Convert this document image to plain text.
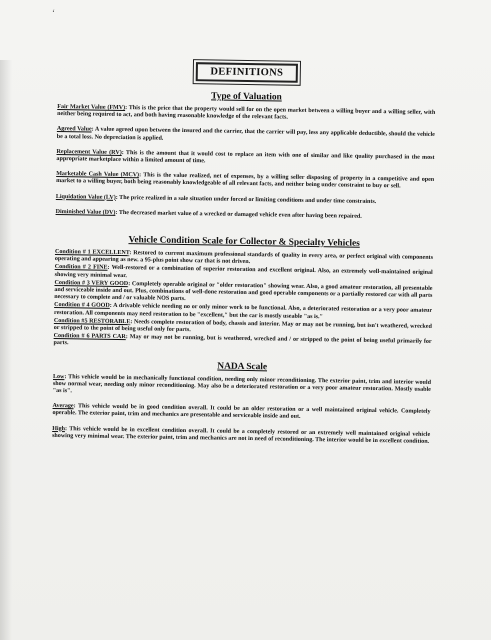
‘
DEFINITIONS
Type of Valuation

Fair Market Value (FMV): This is the price that the property would sell for on the open market between a willing buyer and a willing seller, with neither being required to act, and both having reasonable knowledge of the relevant facts.

Agreed Value: A value agreed upon between the insured and the carrier, that the carrier will pay, less any applicable deductible, should the vehicle be a total loss. No depreciation is applied.

Replacement Value (RV): This is the amount that it would cost to replace an item with one of similar and like quality purchased in the most appropriate marketplace within a limited amount of time.

Marketable Cash Value (MCV): This is the value realized, net of expenses, by a willing seller disposing of property in a competitive and open market to a willing buyer, both being reasonably knowledgeable of all relevant facts, and neither being under constraint to buy or sell.

Liquidation Value (LV): The price realized in a sale situation under forced or limiting conditions and under time constraints.

Diminished Value (DV): The decreased market value of a wrecked or damaged vehicle even after having been repaired.

Vehicle Condition Scale for Collector & Specialty Vehicles

Condition # 1 EXCELLENT: Restored to current maximum professional standards of quality in every area, or perfect original with components operating and appearing as new. a 95-plus point show car that is not driven.

Condition # 2 FINE: Well-restored or a combination of superior restoration and excellent original. Also, an extremely well-maintained original showing very minimal wear.

Condition # 3 VERY GOOD: Completely operable original or "older restoration" showing wear. Also, a good amateur restoration, all presentable and serviceable inside and out. Plus, combinations of well-done restoration and good operable components or a partially restored car with all parts necessary to complete and / or valuable NOS parts.

Condition # 4 GOOD: A drivable vehicle needing no or only minor work to be functional. Also, a deteriorated restoration or a very poor amateur restoration. All components may need restoration to be "excellent," but the car is mostly useable "as is."

Condition #5 RESTORABLE: Needs complete restoration of body, chassis and interior. May or may not be running, but isn't weathered, wrecked or stripped to the point of being useful only for parts.

Condition # 6 PARTS CAR: May or may not be running, but is weathered, wrecked and / or stripped to the point of being useful primarily for parts.

NADA Scale

Low: This vehicle would be in mechanically functional condition, needing only minor reconditioning. The exterior paint, trim and interior would show normal wear, needing only minor reconditioning. May also be a deteriorated restoration or a very poor amateur restoration. Mostly usable "as is".

Average: This vehicle would be in good condition overall. It could be an older restoration or a well maintained original vehicle. Completely operable. The exterior paint, trim and mechanics are presentable and serviceable inside and out.

High: This vehicle would be in excellent condition overall. It could be a completely restored or an extremely well maintained original vehicle showing very minimal wear. The exterior paint, trim and mechanics are not in need of reconditioning. The interior would be in excellent condition.
